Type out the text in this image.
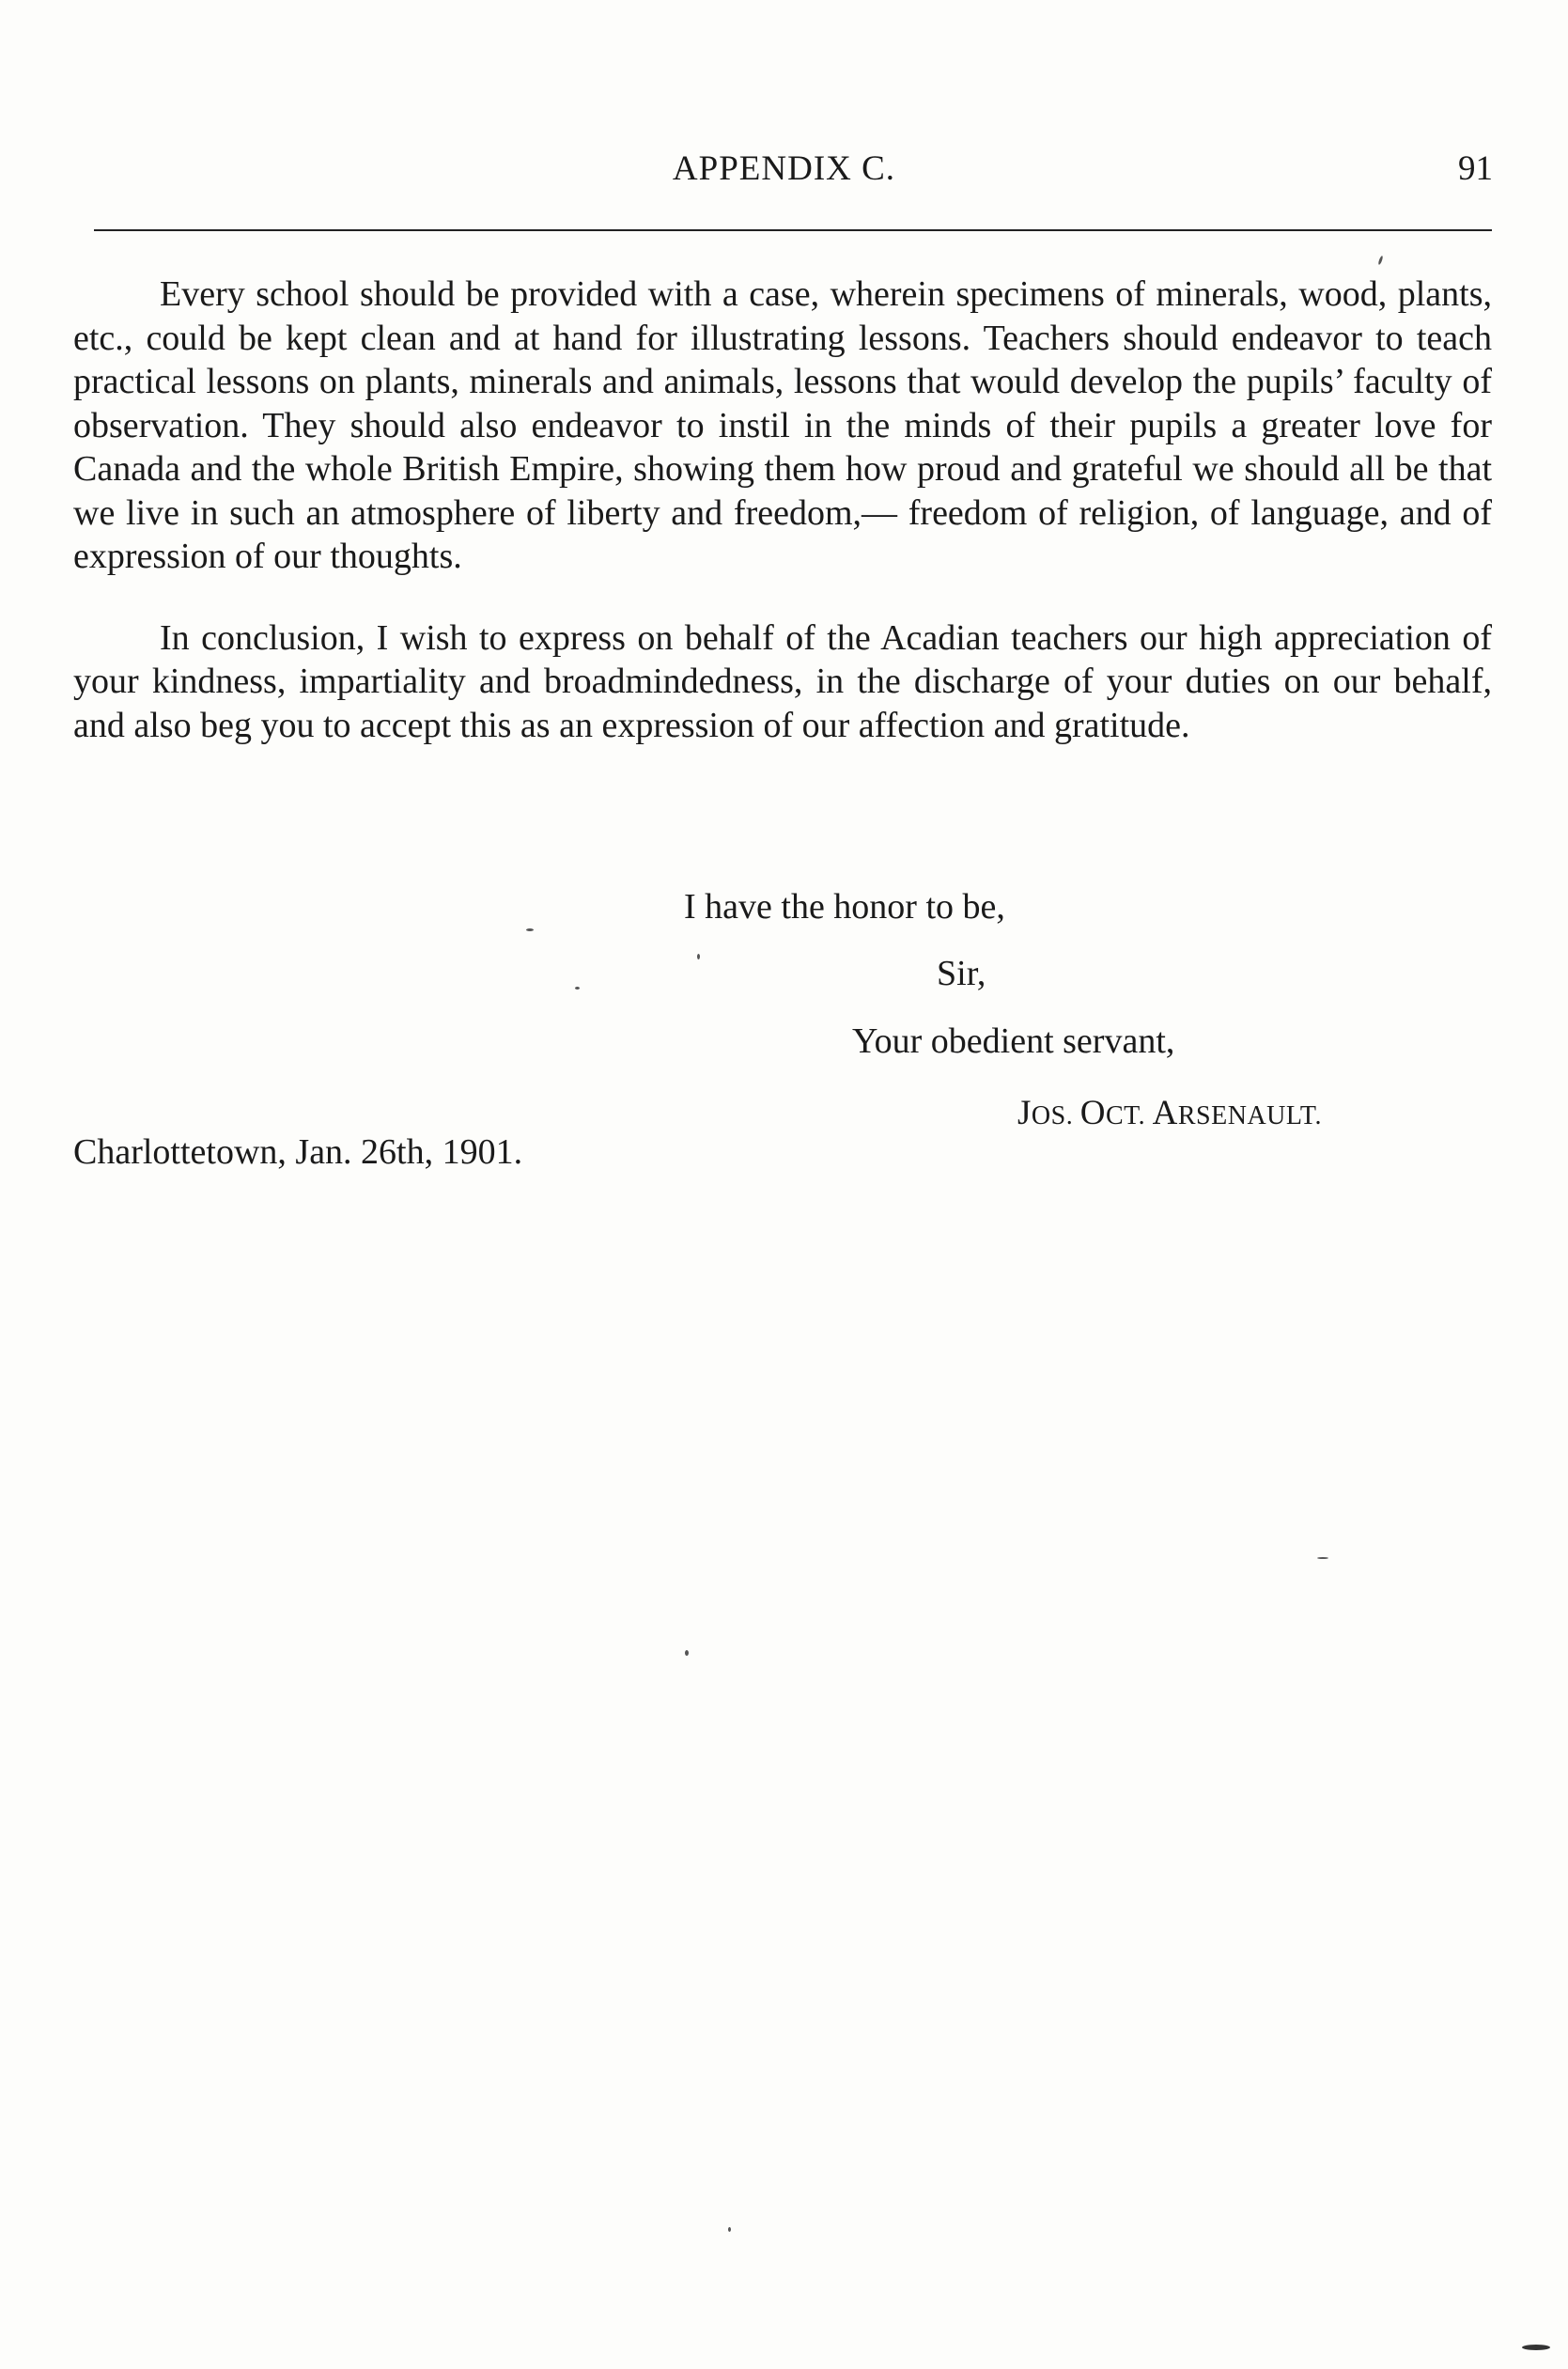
APPENDIX C.	91

Every school should be provided with a case, wherein specimens of minerals, wood, plants, etc., could be kept clean and at hand for illustrating lessons. Teachers should endeavor to teach practical lessons on plants, minerals and animals, lessons that would develop the pupils’ faculty of observation. They should also endeavor to instil in the minds of their pupils a greater love for Canada and the whole British Empire, showing them how proud and grateful we should all be that we live in such an atmosphere of liberty and freedom,— freedom of religion, of language, and of expression of our thoughts.

In conclusion, I wish to express on behalf of the Acadian teachers our high appreciation of your kindness, impartiality and broadmindedness, in the discharge of your duties on our behalf, and also beg you to accept this as an expression of our affection and gratitude.

I have the honor to be,
Sir,
Your obedient servant,
JOS. OCT. ARSENAULT.
Charlottetown, Jan. 26th, 1901.
